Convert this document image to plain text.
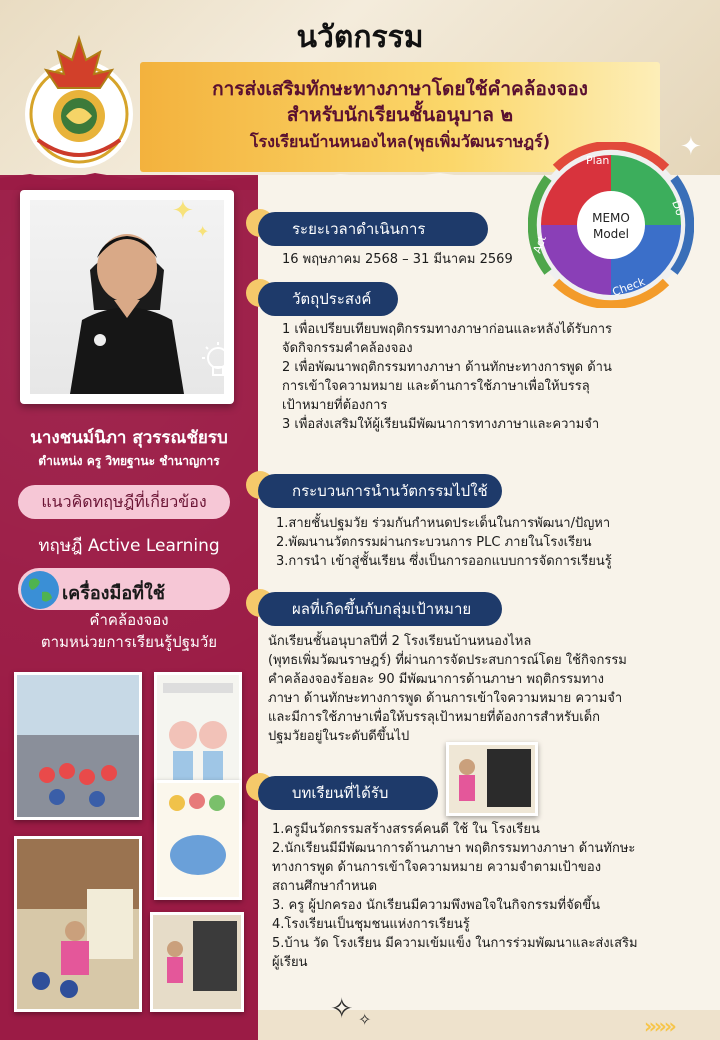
นวัตกรรม
การส่งเสริมทักษะทางภาษาโดยใช้คำคล้องจอง
สำหรับนักเรียนชั้นอนุบาล ๒
โรงเรียนบ้านหนองไหล(พุธเพิ่มวัฒนราษฎร์)
MEMO
Model
Plan
Do
Check
Act
✦
✦
นางชนม์นิภา สุวรรณชัยรบ
ตำแหน่ง ครู วิทยฐานะ ชำนาญการ
แนวคิดทฤษฎีที่เกี่ยวข้อง
ทฤษฎี Active Learning
เครื่องมือที่ใช้
คำคล้องจอง
ตามหน่วยการเรียนรู้ปฐมวัย
ระยะเวลาดำเนินการ
16 พฤษภาคม 2568 – 31 มีนาคม 2569
วัตถุประสงค์
1 เพื่อเปรียบเทียบพฤติกรรมทางภาษาก่อนและหลังได้รับการ
จัดกิจกรรมคำคล้องจอง
2 เพื่อพัฒนาพฤติกรรมทางภาษา ด้านทักษะทางการพูด ด้าน
การเข้าใจความหมาย และด้านการใช้ภาษาเพื่อให้บรรลุ
เป้าหมายที่ต้องการ
3 เพื่อส่งเสริมให้ผู้เรียนมีพัฒนาการทางภาษาและความจำ
กระบวนการนำนวัตกรรมไปใช้
1.สายชั้นปฐมวัย ร่วมกันกำหนดประเด็นในการพัฒนา/ปัญหา
2.พัฒนานวัตกรรมผ่านกระบวนการ PLC ภายในโรงเรียน
3.การนำ เข้าสู่ชั้นเรียน ซึ่งเป็นการออกแบบการจัดการเรียนรู้
ผลที่เกิดขึ้นกับกลุ่มเป้าหมาย
นักเรียนชั้นอนุบาลปีที่ 2 โรงเรียนบ้านหนองไหล
(พุทธเพิ่มวัฒนราษฎร์) ที่ผ่านการจัดประสบการณ์โดย ใช้กิจกรรม
คำคล้องจองร้อยละ 90 มีพัฒนาการด้านภาษา พฤติกรรมทาง
ภาษา ด้านทักษะทางการพูด ด้านการเข้าใจความหมาย ความจำ
และมีการใช้ภาษาเพื่อให้บรรลุเป้าหมายที่ต้องการสำหรับเด็ก
ปฐมวัยอยู่ในระดับดีขึ้นไป
บทเรียนที่ได้รับ
1.ครูมีนวัตกรรมสร้างสรรค์คนดี ใช้ ใน โรงเรียน
2.นักเรียนมีมีพัฒนาการด้านภาษา พฤติกรรมทางภาษา ด้านทักษะ
ทางการพูด ด้านการเข้าใจความหมาย ความจำตามเป้าของ
สถานศึกษากำหนด
3. ครู ผู้ปกครอง นักเรียนมีความพึงพอใจในกิจกรรมที่จัดขึ้น
4.โรงเรียนเป็นชุมชนแห่งการเรียนรู้
5.บ้าน วัด โรงเรียน มีความเข้มแข็ง ในการร่วมพัฒนาและส่งเสริม
ผู้เรียน
✧ ✧
✦
»»»
